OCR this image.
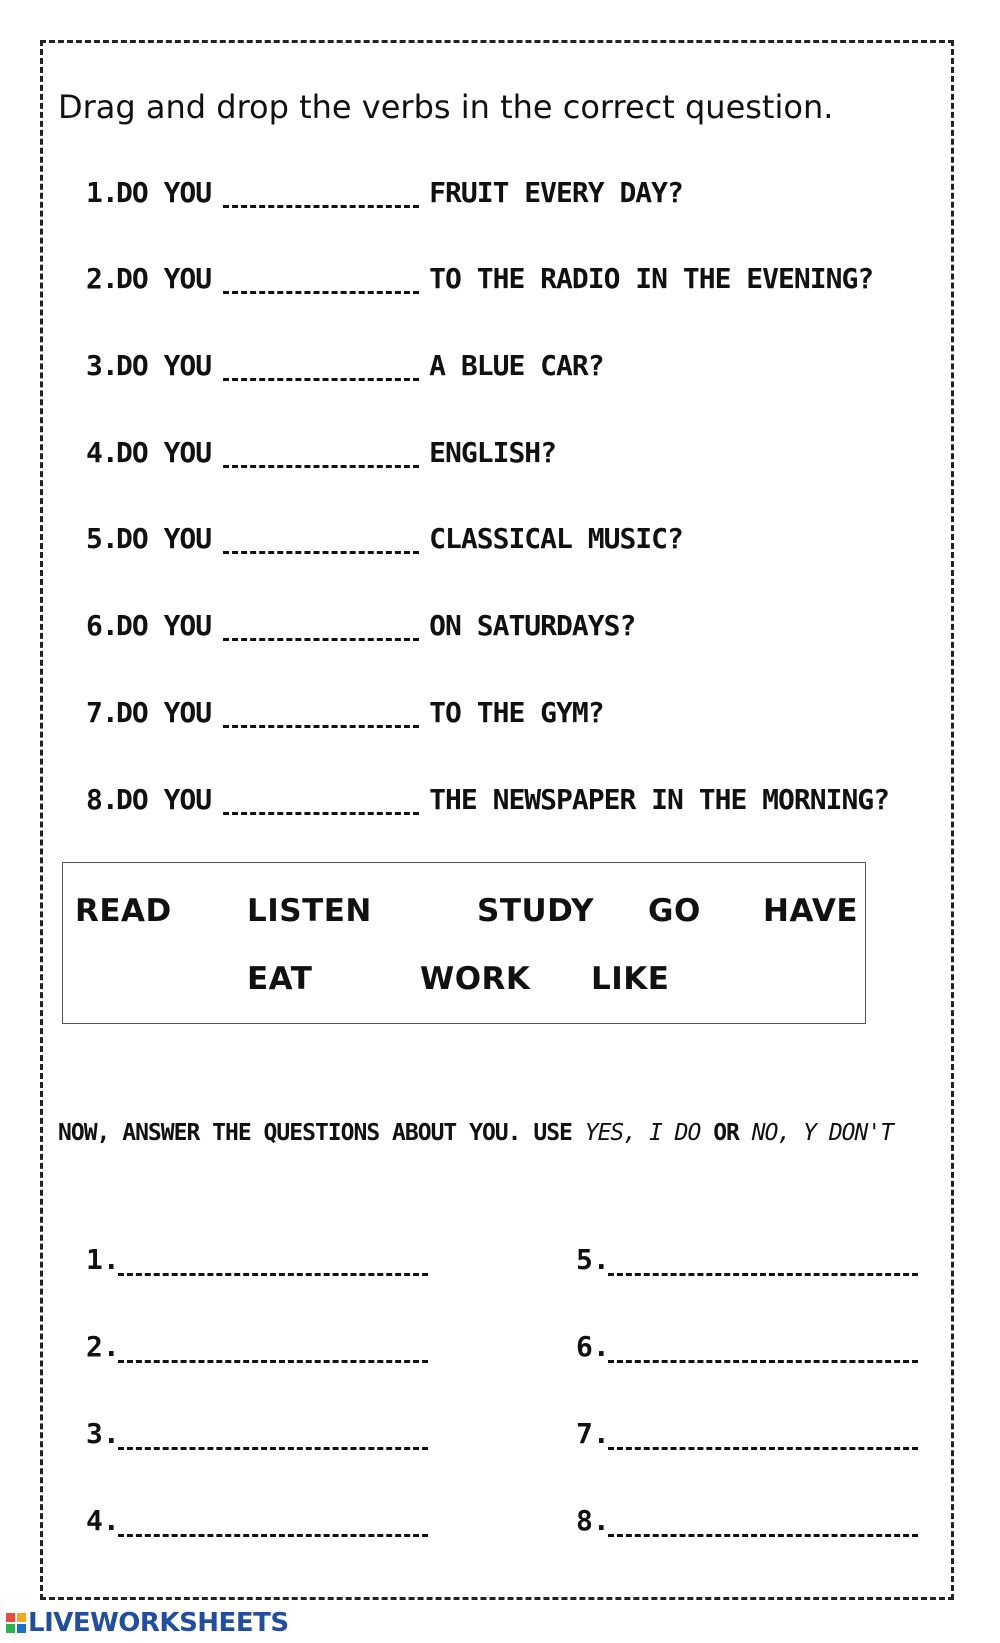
Drag and drop the verbs in the correct question.
1.
DO YOU	FRUIT EVERY DAY?
2.
DO YOU	TO THE RADIO IN THE EVENING?
3.
DO YOU	A BLUE CAR?
4.
DO YOU	ENGLISH?
5.
DO YOU	CLASSICAL MUSIC?
6.
DO YOU	ON SATURDAYS?
7.
DO YOU	TO THE GYM?
8.
DO YOU	THE NEWSPAPER IN THE MORNING?
READ LISTEN	STUDY GO HAVE
EAT	WORK LIKE
NOW, ANSWER THE QUESTIONS ABOUT YOU. USE YES, I DO OR NO, Y DON'T
1.
2.
3.
4.
5.
6.
7.
8.
LIVEWORKSHEETS
